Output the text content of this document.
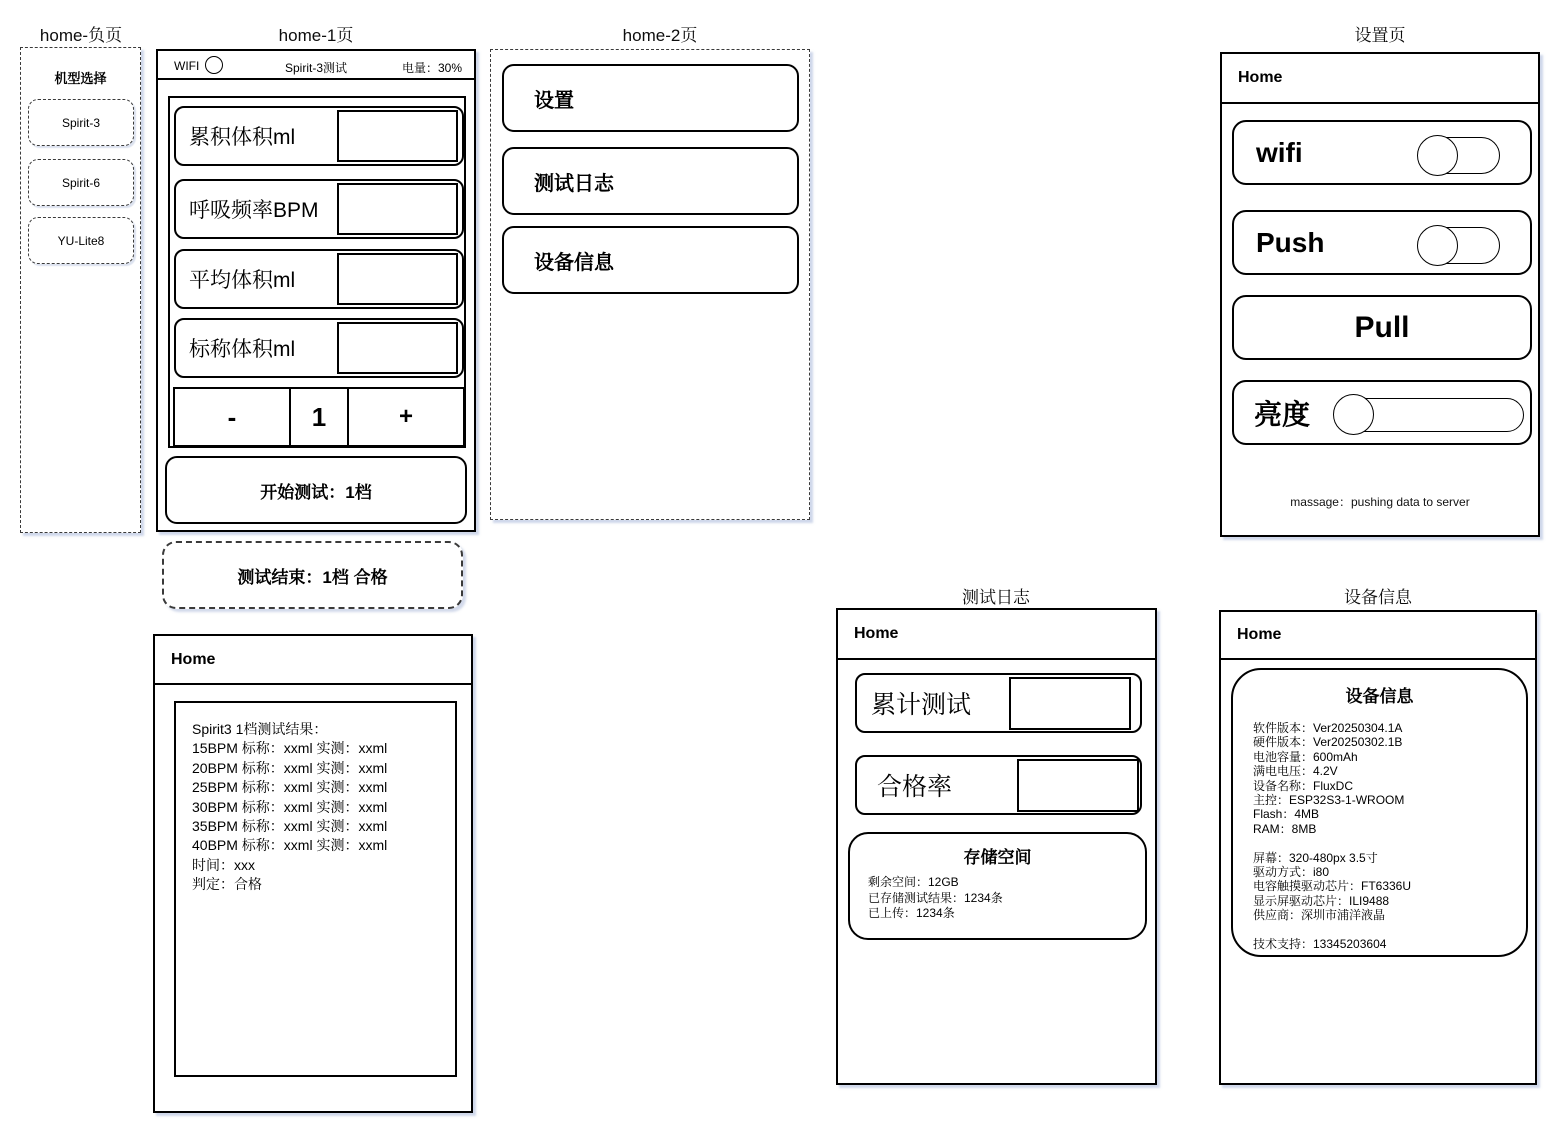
home-负页	home-1页	home-2页	设置页
测试日志	设备信息
机型选择
Spirit-3
Spirit-6
YU-Lite8
WIFI	Spirit-3测试	电量：30%
累积体积ml
呼吸频率BPM
平均体积ml
标称体积ml
-	1	+
开始测试：1档
测试结束：1档 合格
Home
Spirit3 1档测试结果：
15BPM 标称：xxml 实测：xxml
20BPM 标称：xxml 实测：xxml
25BPM 标称：xxml 实测：xxml
30BPM 标称：xxml 实测：xxml
35BPM 标称：xxml 实测：xxml
40BPM 标称：xxml 实测：xxml
时间：xxx
判定：合格
设置
测试日志
设备信息
Home
wifi
Push
Pull
亮度
massage：pushing data to server
Home
累计测试
合格率
存储空间
剩余空间：12GB
已存储测试结果：1234条
已上传：1234条
Home
设备信息
软件版本：Ver20250304.1A
硬件版本：Ver20250302.1B
电池容量：600mAh
满电电压：4.2V
设备名称：FluxDC
主控：ESP32S3-1-WROOM
Flash：4MB
RAM：8MB
屏幕：320-480px 3.5寸
驱动方式：i80
电容触摸驱动芯片：FT6336U
显示屏驱动芯片：ILI9488
供应商：深圳市浦洋液晶
技术支持：13345203604
